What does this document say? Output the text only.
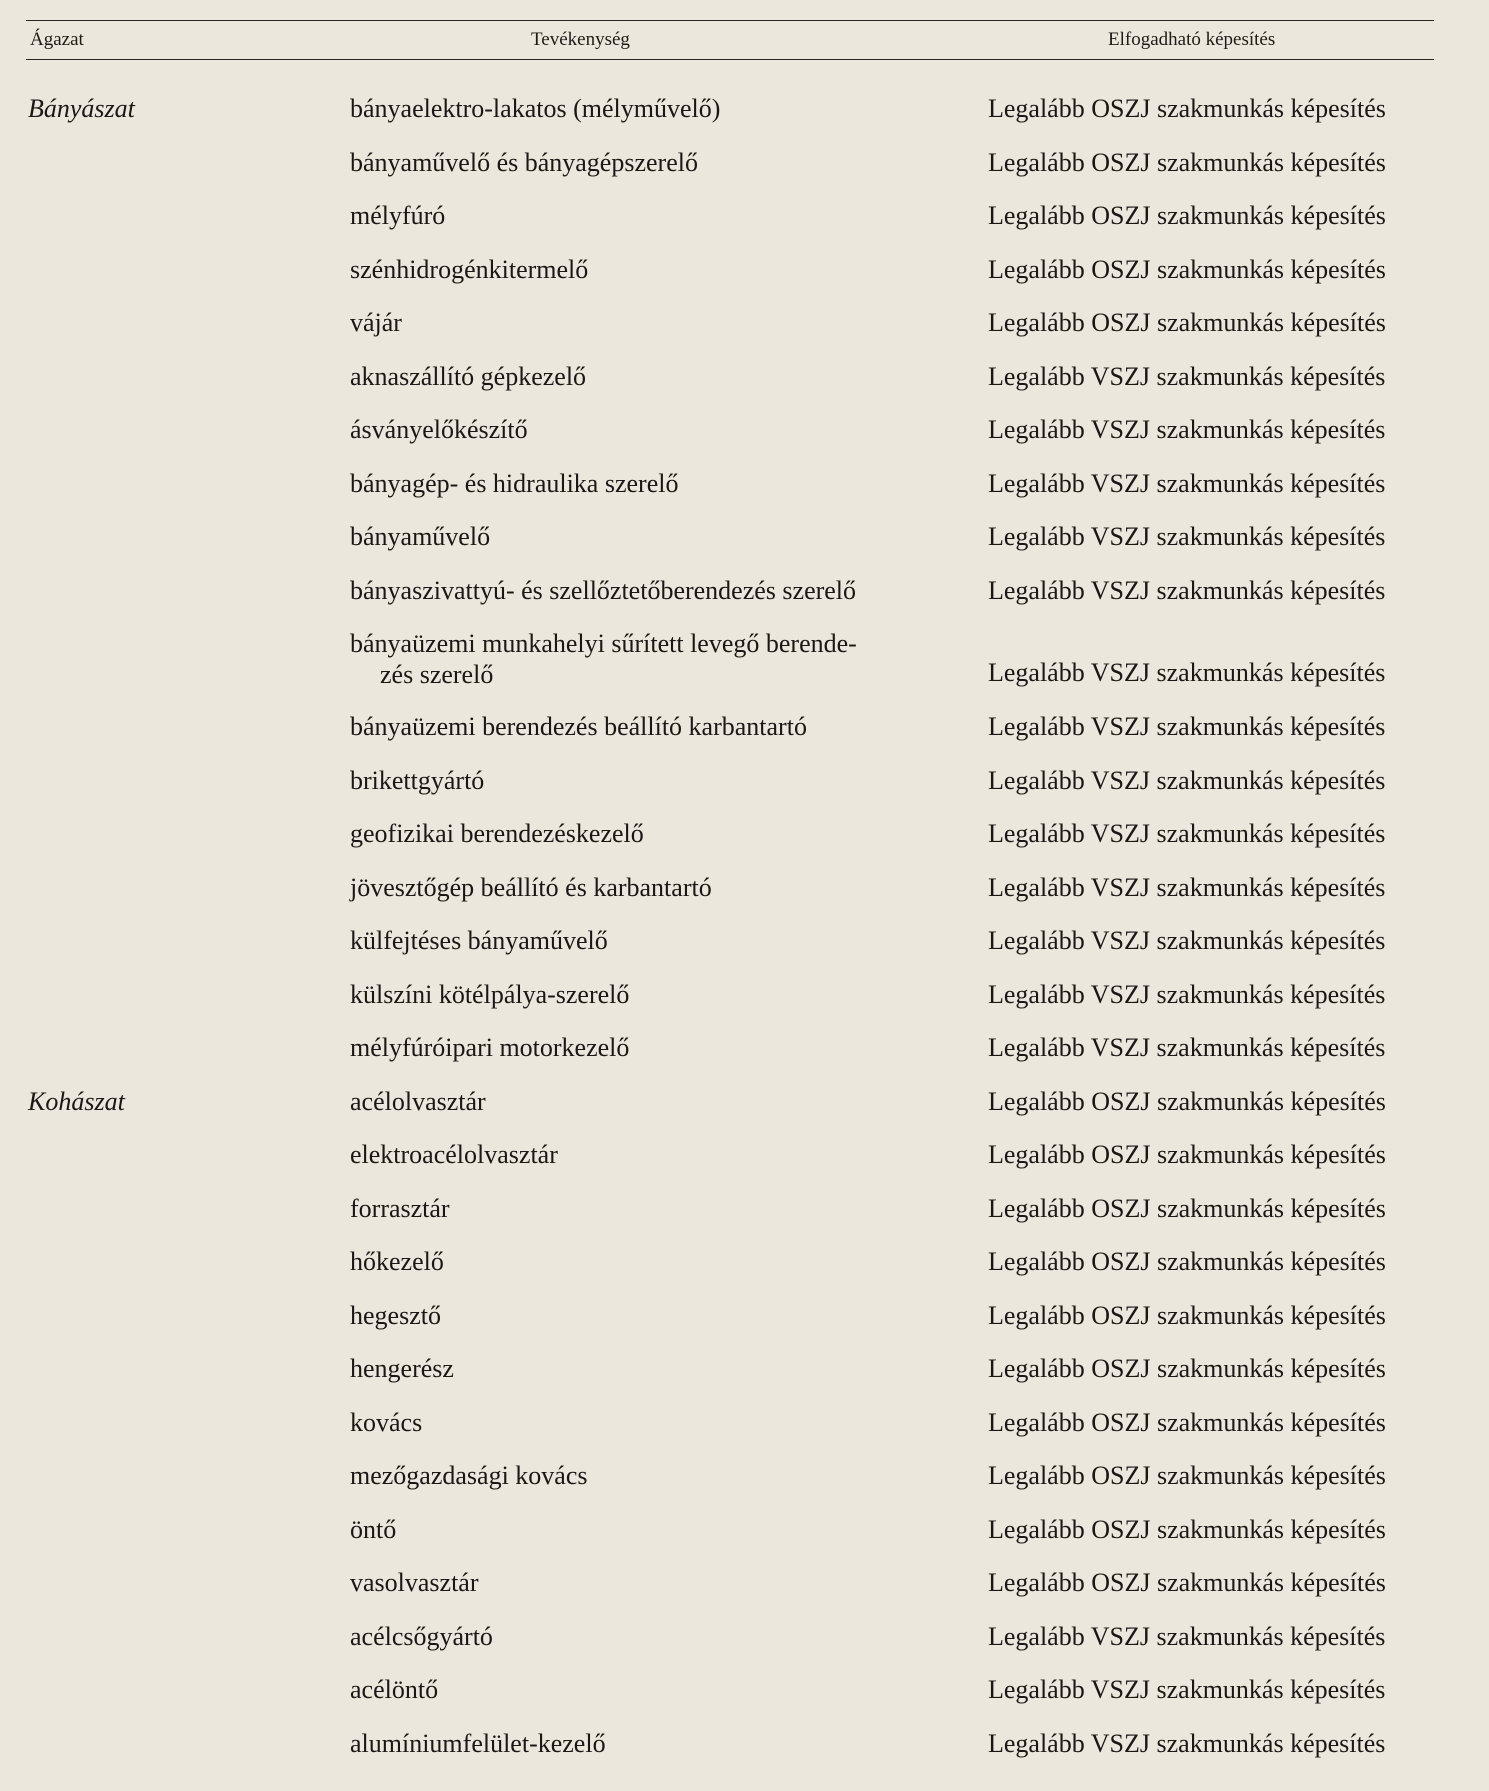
Ágazat	Tevékenység	Elfogadható képesítés
Bányászat	bányaelektro-lakatos (mélyművelő)	Legalább OSZJ szakmunkás képesítés
bányaművelő és bányagépszerelő	Legalább OSZJ szakmunkás képesítés
mélyfúró	Legalább OSZJ szakmunkás képesítés
szénhidrogénkitermelő	Legalább OSZJ szakmunkás képesítés
vájár	Legalább OSZJ szakmunkás képesítés
aknaszállító gépkezelő	Legalább VSZJ szakmunkás képesítés
ásványelőkészítő	Legalább VSZJ szakmunkás képesítés
bányagép- és hidraulika szerelő	Legalább VSZJ szakmunkás képesítés
bányaművelő	Legalább VSZJ szakmunkás képesítés
bányaszivattyú- és szellőztetőberendezés szerelő	Legalább VSZJ szakmunkás képesítés
bányaüzemi munkahelyi sűrített levegő berende-
zés szerelő	Legalább VSZJ szakmunkás képesítés
bányaüzemi berendezés beállító karbantartó	Legalább VSZJ szakmunkás képesítés
brikettgyártó	Legalább VSZJ szakmunkás képesítés
geofizikai berendezéskezelő	Legalább VSZJ szakmunkás képesítés
jövesztőgép beállító és karbantartó	Legalább VSZJ szakmunkás képesítés
külfejtéses bányaművelő	Legalább VSZJ szakmunkás képesítés
külszíni kötélpálya-szerelő	Legalább VSZJ szakmunkás képesítés
mélyfúróipari motorkezelő	Legalább VSZJ szakmunkás képesítés
Kohászat	acélolvasztár	Legalább OSZJ szakmunkás képesítés
elektroacélolvasztár	Legalább OSZJ szakmunkás képesítés
forrasztár	Legalább OSZJ szakmunkás képesítés
hőkezelő	Legalább OSZJ szakmunkás képesítés
hegesztő	Legalább OSZJ szakmunkás képesítés
hengerész	Legalább OSZJ szakmunkás képesítés
kovács	Legalább OSZJ szakmunkás képesítés
mezőgazdasági kovács	Legalább OSZJ szakmunkás képesítés
öntő	Legalább OSZJ szakmunkás képesítés
vasolvasztár	Legalább OSZJ szakmunkás képesítés
acélcsőgyártó	Legalább VSZJ szakmunkás képesítés
acélöntő	Legalább VSZJ szakmunkás képesítés
alumíniumfelület-kezelő	Legalább VSZJ szakmunkás képesítés
